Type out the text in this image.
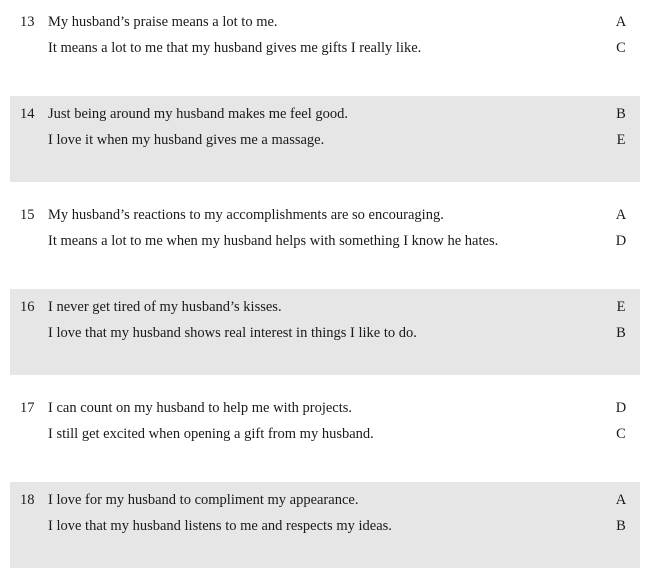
13 My husband’s praise means a lot to me.	A
It means a lot to me that my husband gives me gifts I really like.	C
14 Just being around my husband makes me feel good.	B
I love it when my husband gives me a massage.	E
15 My husband’s reactions to my accomplishments are so encouraging.	A
It means a lot to me when my husband helps with something I know he hates.	D
16 I never get tired of my husband’s kisses.	E
I love that my husband shows real interest in things I like to do.	B
17 I can count on my husband to help me with projects.	D
I still get excited when opening a gift from my husband.	C
18 I love for my husband to compliment my appearance.	A
I love that my husband listens to me and respects my ideas.	B
